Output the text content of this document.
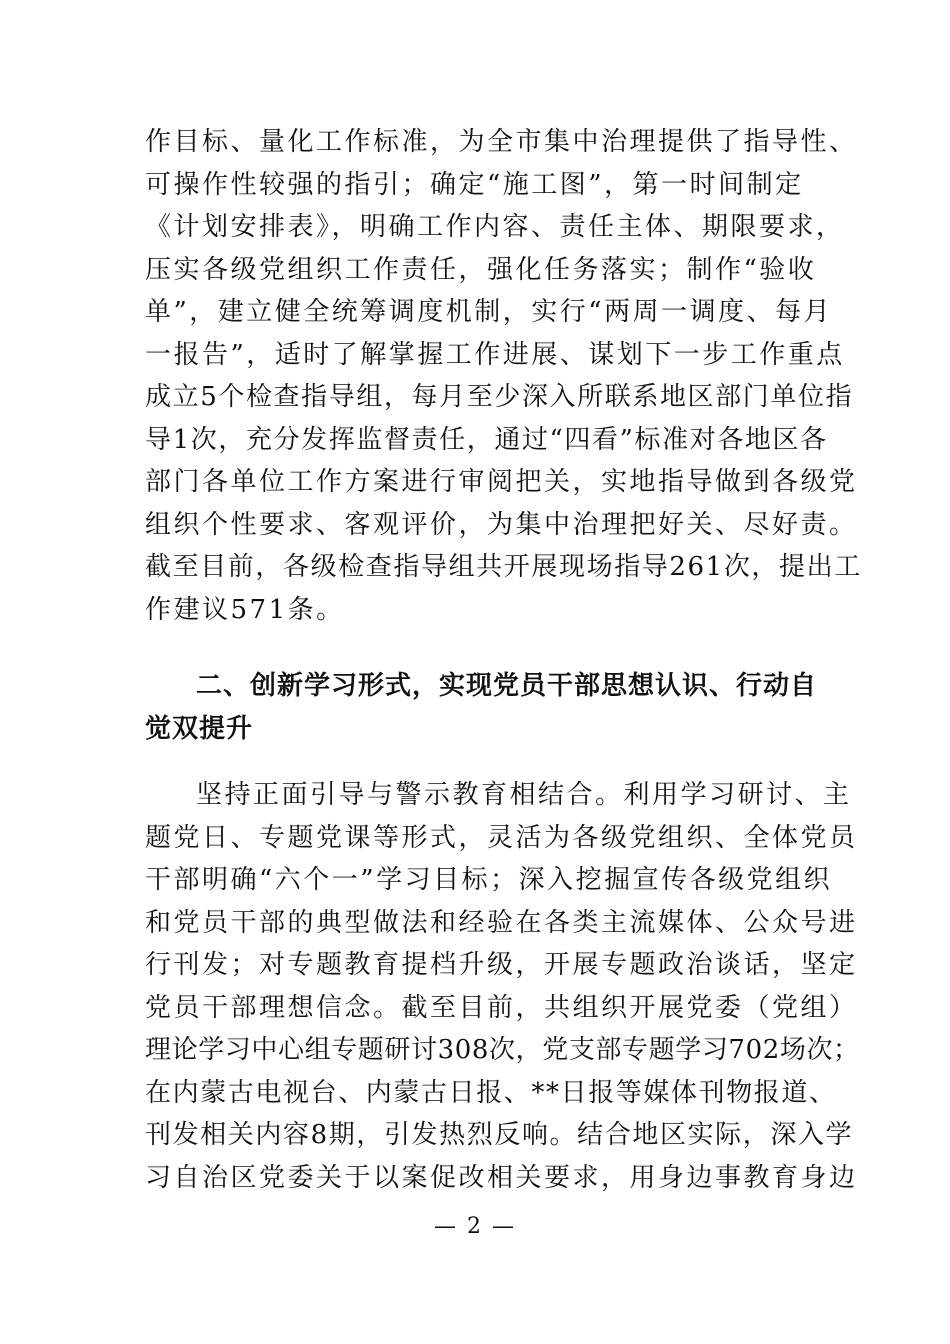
作目标、量化工作标准，为全市集中治理提供了指导性、
可操作性较强的指引；确定“施工图”，第一时间制定
《计划安排表》，明确工作内容、责任主体、期限要求，
压实各级党组织工作责任，强化任务落实；制作“验收
单”，建立健全统筹调度机制，实行“两周一调度、每月
一报告”，适时了解掌握工作进展、谋划下一步工作重点
成立5个检查指导组，每月至少深入所联系地区部门单位指
导1次，充分发挥监督责任，通过“四看”标准对各地区各
部门各单位工作方案进行审阅把关，实地指导做到各级党
组织个性要求、客观评价，为集中治理把好关、尽好责。
截至目前，各级检查指导组共开展现场指导261次，提出工
作建议571条。
二、创新学习形式，实现党员干部思想认识、行动自
觉双提升
坚持正面引导与警示教育相结合。利用学习研讨、主
题党日、专题党课等形式，灵活为各级党组织、全体党员
干部明确“六个一”学习目标；深入挖掘宣传各级党组织
和党员干部的典型做法和经验在各类主流媒体、公众号进
行刊发；对专题教育提档升级，开展专题政治谈话，坚定
党员干部理想信念。截至目前，共组织开展党委（党组）
理论学习中心组专题研讨308次，党支部专题学习702场次；
在内蒙古电视台、内蒙古日报、**日报等媒体刊物报道、
刊发相关内容8期，引发热烈反响。结合地区实际，深入学
习自治区党委关于以案促改相关要求，用身边事教育身边
— 2 —
